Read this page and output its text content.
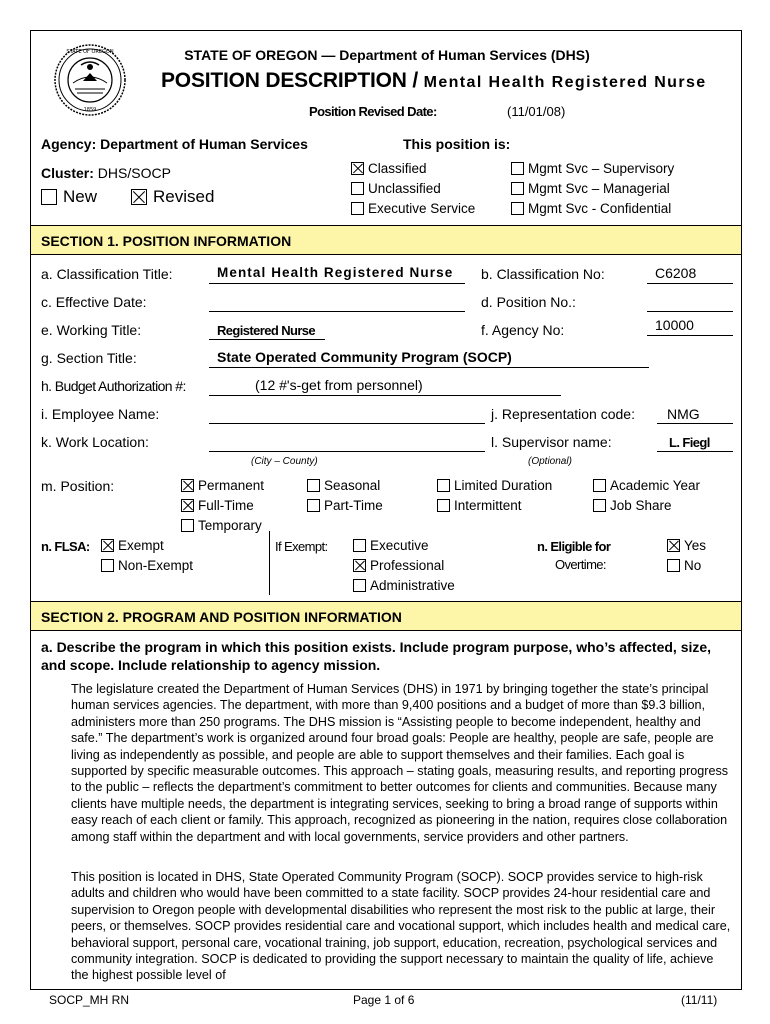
STATE OF OREGON
1859
STATE OF OREGON — Department of Human Services (DHS)
POSITION DESCRIPTION / Mental Health Registered Nurse
Position Revised Date:	(11/01/08)
Agency: Department of Human Services	This position is:
Cluster: DHS/SOCP
New	Revised
Classified
Unclassified
Executive Service
Mgmt Svc – Supervisory
Mgmt Svc – Managerial
Mgmt Svc - Confidential
SECTION 1. POSITION INFORMATION
a. Classification Title:	Mental Health Registered Nurse b. Classification No:	C6208
c. Effective Date:	d. Position No.:
e. Working Title:	Registered Nurse	f. Agency No:	10000
g. Section Title:	State Operated Community Program (SOCP)
h. Budget Authorization #:	(12 #'s-get from personnel)
i. Employee Name:	j. Representation code: NMG
k. Work Location:	l. Supervisor name:	L. Fiegl
(City – County)	(Optional)
m. Position:	Permanent
Full-Time
Temporary
Seasonal
Part-Time
Limited Duration
Intermittent
Academic Year
Job Share
n. FLSA:	Exempt
Non-Exempt
If Exempt:	Executive
Professional
Administrative
n. Eligible for
Overtime:
Yes
No
SECTION 2. PROGRAM AND POSITION INFORMATION
a. Describe the program in which this position exists. Include program purpose, who’s affected, size, and scope. Include relationship to agency mission.
The legislature created the Department of Human Services (DHS) in 1971 by bringing together the state’s principal human services agencies. The department, with more than 9,400 positions and a budget of more than $9.3 billion, administers more than 250 programs. The DHS mission is “Assisting people to become independent, healthy and safe.” The department’s work is organized around four broad goals: People are healthy, people are safe, people are living as independently as possible, and people are able to support themselves and their families. Each goal is supported by specific measurable outcomes. This approach – stating goals, measuring results, and reporting progress to the public – reflects the department’s commitment to better outcomes for clients and communities. Because many clients have multiple needs, the department is integrating services, seeking to bring a broad range of supports within easy reach of each client or family. This approach, recognized as pioneering in the nation, requires close collaboration among staff within the department and with local governments, service providers and other partners.
This position is located in DHS, State Operated Community Program (SOCP). SOCP provides service to high-risk adults and children who would have been committed to a state facility. SOCP provides 24-hour residential care and supervision to Oregon people with developmental disabilities who represent the most risk to the public at large, their peers, or themselves. SOCP provides residential care and vocational support, which includes health and medical care, behavioral support, personal care, vocational training, job support, education, recreation, psychological services and community integration. SOCP is dedicated to providing the support necessary to maintain the quality of life, achieve the highest possible level of
SOCP_MH RN	Page 1 of 6	(11/11)
